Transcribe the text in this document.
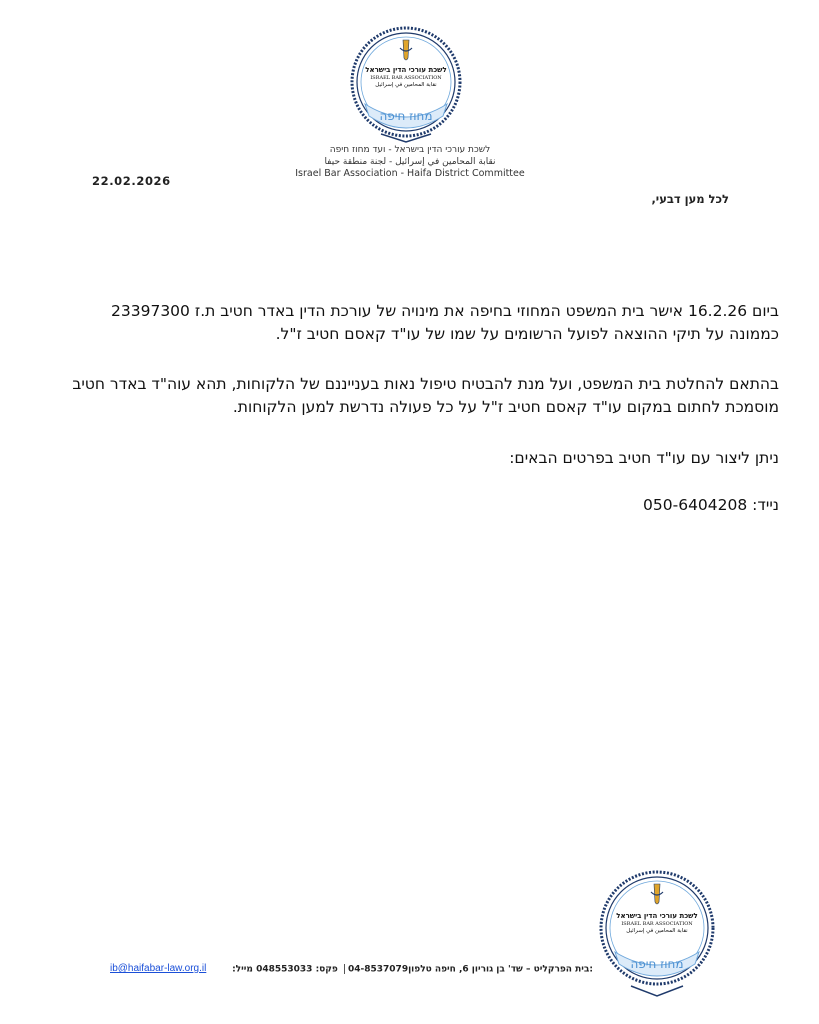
לשכת עורכי הדין בישראל
ISRAEL BAR ASSOCIATION
نقابة المحامين في إسرائيل
מחוז חיפה
לשכת עורכי הדין בישראל - ועד מחוז חיפה
نقابة المحامين في إسرائيل - لجنة منطقة حيفا
Israel Bar Association - Haifa District Committee
22.02.2026
לכל מען דבעי,
ביום 16.2.26 אישר בית המשפט המחוזי בחיפה את מינויה של עורכת הדין באדר חטיב ת.ז 23397300
כממונה על תיקי ההוצאה לפועל הרשומים על שמו של עו"ד קאסם חטיב ז"ל.
בהתאם להחלטת בית המשפט, ועל מנת להבטיח טיפול נאות בענייננם של הלקוחות, תהא עוה"ד באדר חטיב
מוסמכת לחתום במקום עו"ד קאסם חטיב ז"ל על כל פעולה נדרשת למען הלקוחות.
ניתן ליצור עם עו"ד חטיב בפרטים הבאים:
נייד: 050-6404208
לשכת עורכי הדין בישראל
ISRAEL BAR ASSOCIATION
نقابة المحامين في إسرائيل
מחוז חיפה
:בית הפרקליט – שד' בן גוריון 6, חיפה טלפון04-8537079 פקס: 048553033 מייל:
ib@haifabar-law.org.il
